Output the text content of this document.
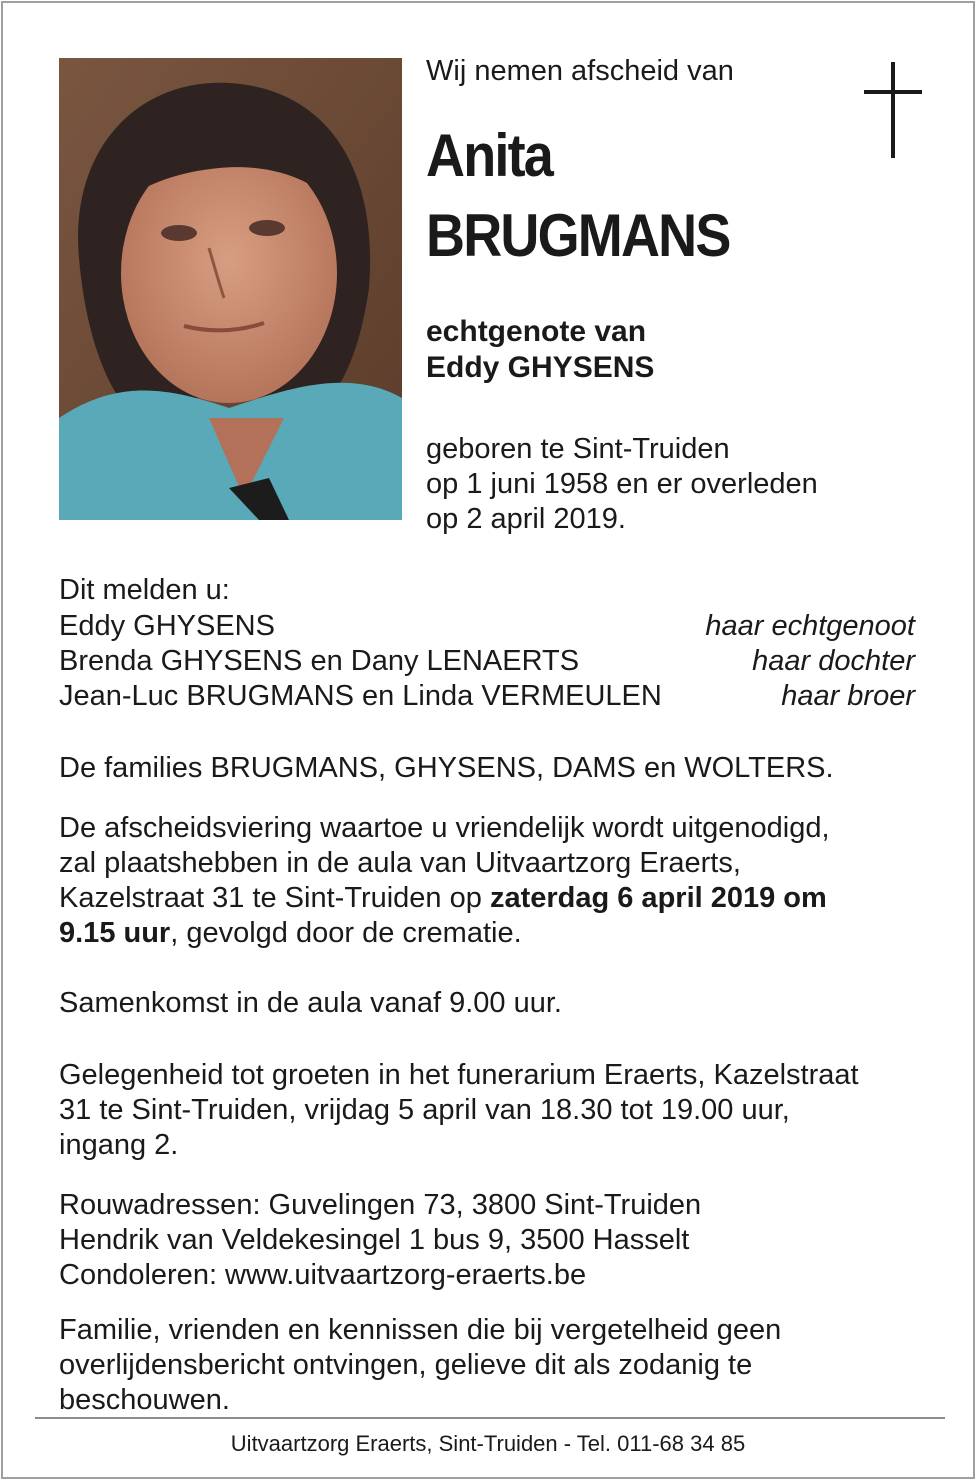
Wij nemen afscheid van
Anita
BRUGMANS
echtgenote van
Eddy GHYSENS
geboren te Sint-Truiden
op 1 juni 1958 en er overleden
op 2 april 2019.
Dit melden u:
Eddy GHYSENS	haar echtgenoot
Brenda GHYSENS en Dany LENAERTS	haar dochter
Jean-Luc BRUGMANS en Linda VERMEULEN	haar broer
De families BRUGMANS, GHYSENS, DAMS en WOLTERS.
De afscheidsviering waartoe u vriendelijk wordt uitgenodigd,
zal plaatshebben in de aula van Uitvaartzorg Eraerts,
Kazelstraat 31 te Sint-Truiden op zaterdag 6 april 2019 om
9.15 uur, gevolgd door de crematie.
Samenkomst in de aula vanaf 9.00 uur.
Gelegenheid tot groeten in het funerarium Eraerts, Kazelstraat
31 te Sint-Truiden, vrijdag 5 april van 18.30 tot 19.00 uur,
ingang 2.
Rouwadressen: Guvelingen 73, 3800 Sint-Truiden
Hendrik van Veldekesingel 1 bus 9, 3500 Hasselt
Condoleren: www.uitvaartzorg-eraerts.be
Familie, vrienden en kennissen die bij vergetelheid geen
overlijdensbericht ontvingen, gelieve dit als zodanig te
beschouwen.
Uitvaartzorg Eraerts, Sint-Truiden - Tel. 011-68 34 85
